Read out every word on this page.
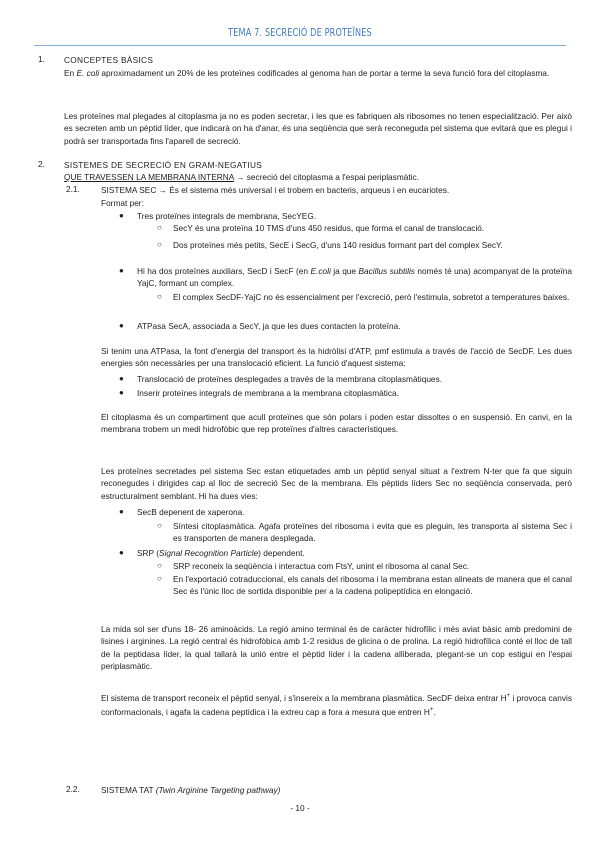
TEMA 7. SECRECIÓ DE PROTEÏNES
1. CONCEPTES BÀSICS
En E. coli aproximadament un 20% de les proteïnes codificades al genoma han de portar a terme la seva funció fora del citoplasma.
Les proteïnes mal plegades al citoplasma ja no es poden secretar, i les que es fabriquen als ribosomes no tenen especialització. Per això es secreten amb un pèptid líder, que indicarà on ha d'anar, és una seqüència que serà reconeguda pel sistema que evitarà que es plegui i podrà ser transportada fins l'aparell de secreció.
2. SISTEMES DE SECRECIÓ EN GRAM-NEGATIUS
QUE TRAVESSEN LA MEMBRANA INTERNA → secreció del citoplasma a l'espai periplasmàtic.
2.1.	SISTEMA SEC → És el sistema més universal i el trobem en bacteris, arqueus i en eucariotes.
Format per:
● Tres proteïnes integrals de membrana, SecYEG.
○ SecY és una proteïna 10 TMS d'uns 450 residus, que forma el canal de translocació.
○ Dos proteïnes més petits, SecE i SecG, d'uns 140 residus formant part del complex SecY.
● Hi ha dos proteïnes auxiliars, SecD i SecF (en E.coli ja que Bacillus subtilis només té una) acompanyat de la proteïna YajC, formant un complex.
○ El complex SecDF-YajC no és essencialment per l'excreció, però l'estimula, sobretot a temperatures baixes.
● ATPasa SecA, associada a SecY, ja que les dues contacten la proteïna.
Si tenim una ATPasa, la font d'energia del transport és la hidròlisi d'ATP, pmf estimula a través de l'acció de SecDF. Les dues energies són necessàries per una translocació eficient. La funció d'aquest sistema:
● Translocació de proteïnes desplegades a través de la membrana citoplasmàtiques.
● Inserir proteïnes integrals de membrana a la membrana citoplasmàtica.
El citoplasma és un compartiment que acull proteïnes que són polars i poden estar dissoltes o en suspensió. En canvi, en la membrana trobem un medi hidrofòbic que rep proteïnes d'altres característiques.
Les proteïnes secretades pel sistema Sec estan etiquetades amb un pèptid senyal situat a l'extrem N-ter que fa que siguin reconegudes i dirigides cap al lloc de secreció Sec de la membrana. Els pèptids líders Sec no seqüència conservada, però estructuralment semblant. Hi ha dues vies:
● SecB depenent de xaperona.
○ Síntesi citoplasmàtica. Agafa proteïnes del ribosoma i evita que es pleguin, les transporta al sistema Sec i es transporten de manera desplegada.
● SRP (Signal Recognition Particle) dependent.
○ SRP reconeix la seqüència i interactua com FtsY, unint el ribosoma al canal Sec.
○ En l'exportació cotraduccional, els canals del ribosoma i la membrana estan alineats de manera que el canal Sec és l'únic lloc de sortida disponible per a la cadena polipeptídica en elongació.
La mida sol ser d'uns 18- 26 aminoàcids. La regió amino terminal és de caràcter hidrofílic i més aviat bàsic amb predomini de lisines i arginines. La regió central és hidrofòbica amb 1-2 residus de glicina o de prolina. La regió hidrofílica conté el lloc de tall de la peptidasa líder, la qual tallarà la unió entre el pèptid líder i la cadena alliberada, plegant-se un cop estigui en l'espai periplasmàtic.
El sistema de transport reconeix el pèptid senyal, i s'insereix a la membrana plasmàtica. SecDF deixa entrar H+ i provoca canvis conformacionals, i agafa la cadena peptídica i la extreu cap a fora a mesura que entren H+.
2.2.	SISTEMA TAT (Twin Arginine Targeting pathway)
- 10 -
